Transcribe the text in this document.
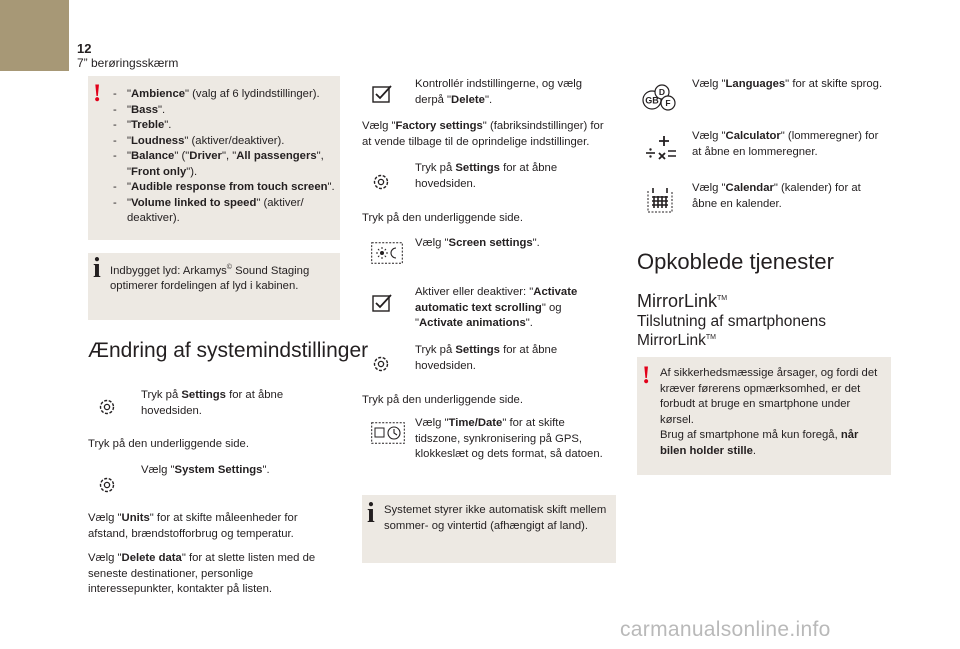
12
7” berøringsskærm
!
-	"Ambience" (valg af 6 lydindstillinger).
- "Bass".
- "Treble".
- "Loudness" (aktiver/deaktiver).
- "Balance" ("Driver", "All passengers", "Front only").
- "Audible response from touch screen".
- "Volume linked to speed" (aktiver/ deaktiver).
i Indbygget lyd: Arkamys© Sound Staging optimerer fordelingen af lyd i kabinen.
Ændring af systemindstillinger
Tryk på Settings for at åbne hovedsiden.
Tryk på den underliggende side.
Vælg "System Settings".
Vælg "Units" for at skifte måleenheder for afstand, brændstofforbrug og temperatur.
Vælg "Delete data" for at slette listen med de seneste destinationer, personlige interessepunkter, kontakter på listen.
Kontrollér indstillingerne, og vælg derpå "Delete".
Vælg "Factory settings" (fabriksindstillinger) for at vende tilbage til de oprindelige indstillinger.
Tryk på Settings for at åbne hovedsiden.
Tryk på den underliggende side.
Vælg "Screen settings".
Aktiver eller deaktiver: "Activate automatic text scrolling" og "Activate animations".
Tryk på Settings for at åbne hovedsiden.
Tryk på den underliggende side.
Vælg "Time/Date" for at skifte tidszone, synkronisering på GPS, klokkeslæt og dets format, så datoen.
i Systemet styrer ikke automatisk skift mellem sommer- og vintertid (afhængigt af land).
GB
D
F
Vælg "Languages" for at skifte sprog.
Vælg "Calculator" (lommeregner) for at åbne en lommeregner.
Vælg "Calendar" (kalender) for at åbne en kalender.
Opkoblede tjenester
MirrorLink™
Tilslutning af smartphonens
MirrorLink™
! Af sikkerhedsmæssige årsager, og fordi det kræver førerens opmærksomhed, er det forbudt at bruge en smartphone under kørsel.
Brug af smartphone må kun foregå, når bilen holder stille.
carmanualsonline.info
